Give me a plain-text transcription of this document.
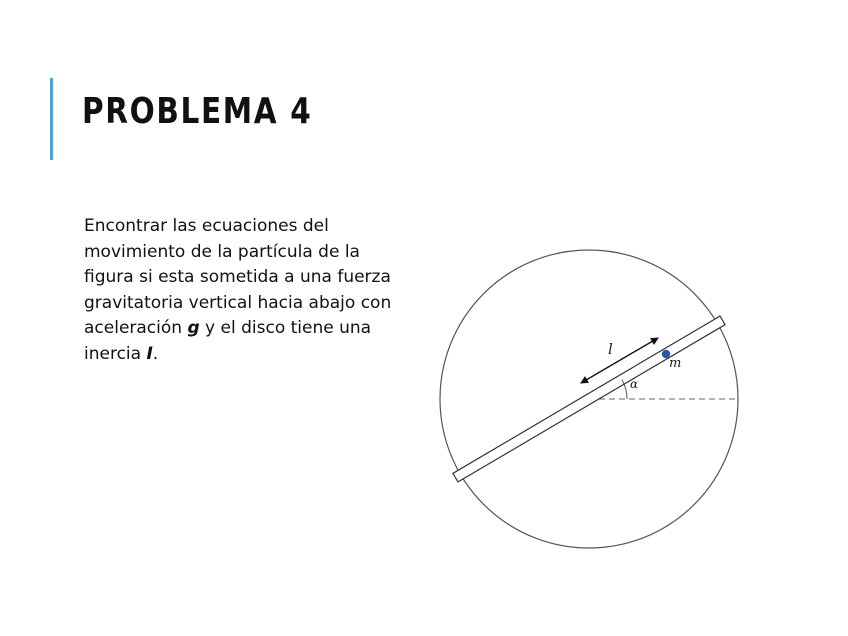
PROBLEMA 4

Encontrar las ecuaciones del movimiento de la partícula de la figura si esta sometida a una fuerza gravitatoria vertical hacia abajo con aceleración g y el disco tiene una inercia I.	l
m
α
